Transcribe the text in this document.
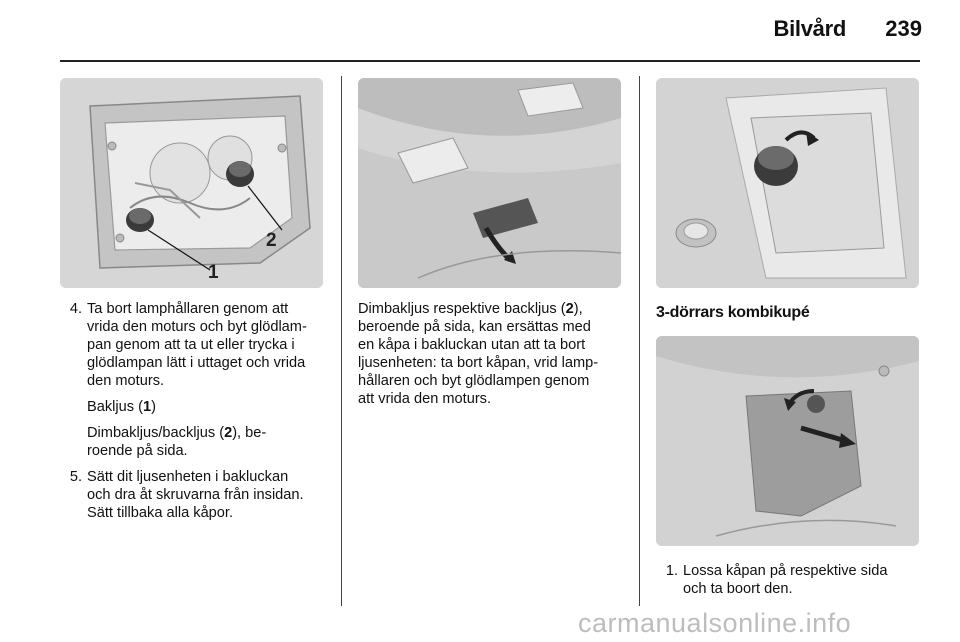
Bilvård	239
1
2
4. Ta bort lamphållaren genom att

vrida den moturs och byt glödlam-

pan genom att ta ut eller trycka i

glödlampan lätt i uttaget och vrida

den moturs.

Bakljus (1)

Dimbakljus/backljus (2), be-

roende på sida.

5. Sätt dit ljusenheten i bakluckan

och dra åt skruvarna från insidan.

Sätt tillbaka alla kåpor.

Dimbakljus respektive backljus (2),

beroende på sida, kan ersättas med

en kåpa i bakluckan utan att ta bort

ljusenheten: ta bort kåpan, vrid lamp-

hållaren och byt glödlampen genom

att vrida den moturs.

3-dörrars kombikupé
1. Lossa kåpan på respektive sida

och ta boort den.

carmanualsonline.info
